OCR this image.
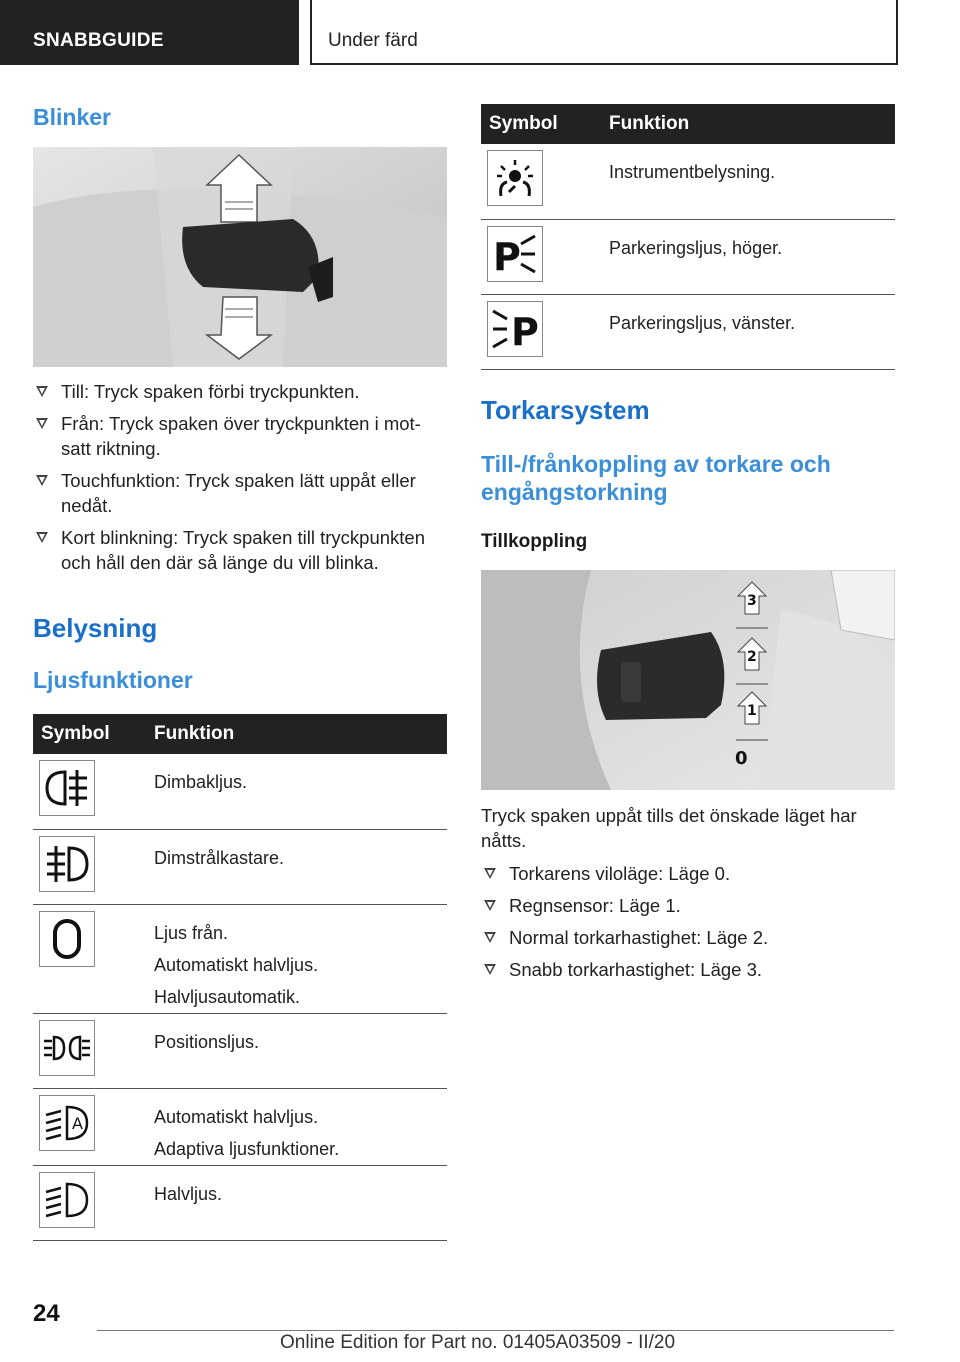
SNABBGUIDE	Under färd
Blinker
Till: Tryck spaken förbi tryckpunkten.
Från: Tryck spaken över tryckpunkten i mot-satt riktning.
Touchfunktion: Tryck spaken lätt uppåt eller nedåt.
Kort blinkning: Tryck spaken till tryckpunkten och håll den där så länge du vill blinka.
Belysning
Ljusfunktioner
Symbol	Funktion

Dimbakljus.

Dimstrålkastare.

Ljus från.
Automatiskt halvljus.
Halvljusautomatik.

Positionsljus.

A	Automatiskt halvljus.
Adaptiva ljusfunktioner.

Halvljus.
Symbol	Funktion

Instrumentbelysning.

P	Parkeringsljus, höger.

P	Parkeringsljus, vänster.
Torkarsystem
Till-/frånkoppling av torkare och
engångstorkning
Tillkoppling
3
2
1
0

Tryck spaken uppåt tills det önskade läget har
nåtts.

Torkarens viloläge: Läge 0.
Regnsensor: Läge 1.
Normal torkarhastighet: Läge 2.
Snabb torkarhastighet: Läge 3.
24
Online Edition for Part no. 01405A03509 - II/20
